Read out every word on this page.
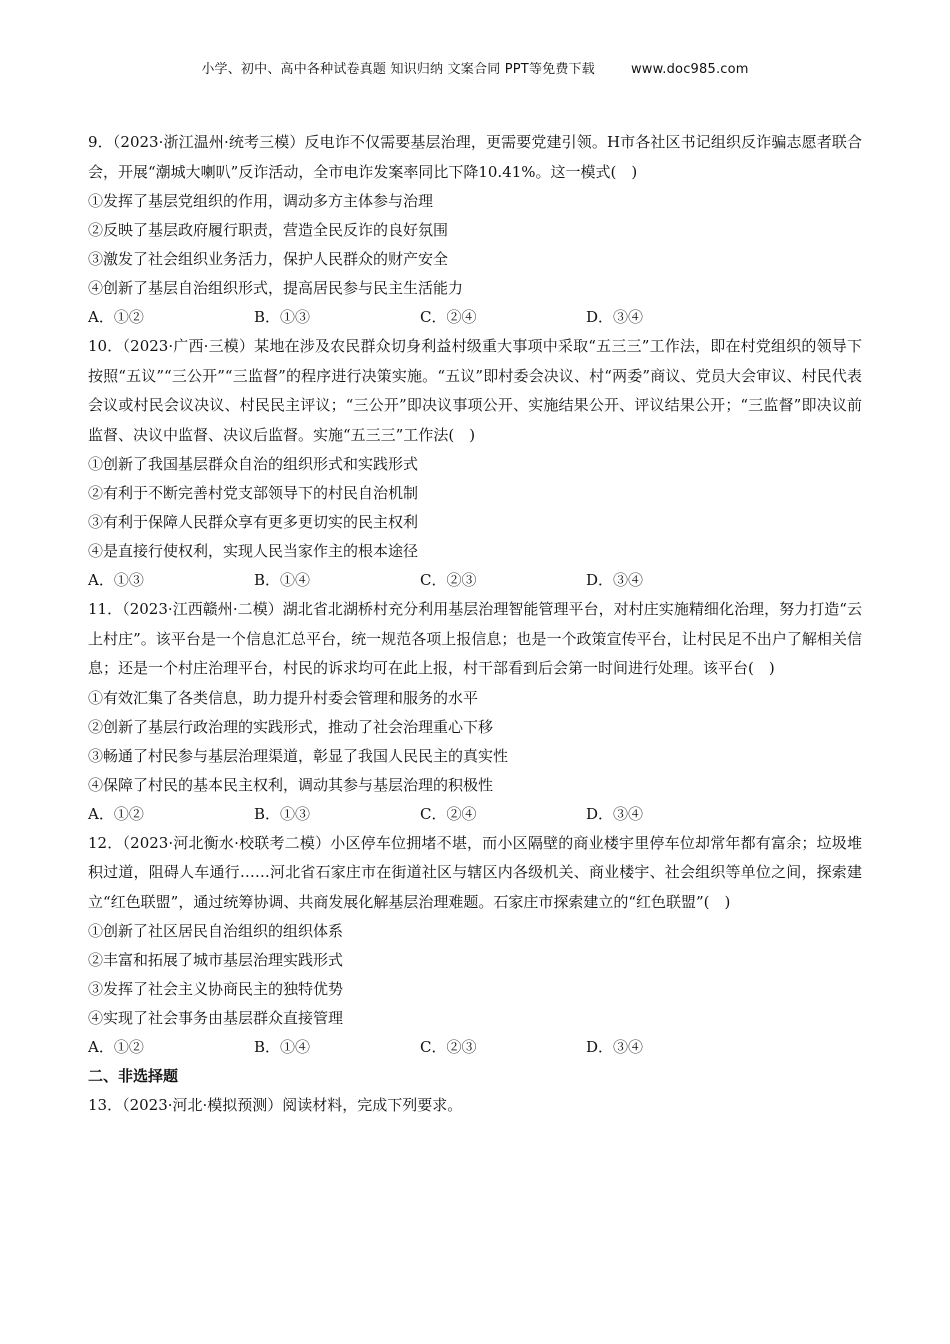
小学、初中、高中各种试卷真题 知识归纳 文案合同 PPT等免费下载	www.doc985.com

9．（2023·浙江温州·统考三模）反电诈不仅需要基层治理，更需要党建引领。H市各社区书记组织反诈骗志愿者联合会，开展“潮城大喇叭”反诈活动，全市电诈发案率同比下降10.41%。这一模式(　)

①发挥了基层党组织的作用，调动多方主体参与治理

②反映了基层政府履行职责，营造全民反诈的良好氛围

③激发了社会组织业务活力，保护人民群众的财产安全

④创新了基层自治组织形式，提高居民参与民主生活能力

A．①②	B．①③	C．②④	D．③④

10．（2023·广西·三模）某地在涉及农民群众切身利益村级重大事项中采取“五三三”工作法，即在村党组织的领导下按照“五议”“三公开”“三监督”的程序进行决策实施。“五议”即村委会决议、村“两委”商议、党员大会审议、村民代表会议或村民会议决议、村民民主评议；“三公开”即决议事项公开、实施结果公开、评议结果公开；“三监督”即决议前监督、决议中监督、决议后监督。实施“五三三”工作法(　)

①创新了我国基层群众自治的组织形式和实践形式

②有利于不断完善村党支部领导下的村民自治机制

③有利于保障人民群众享有更多更切实的民主权利

④是直接行使权利，实现人民当家作主的根本途径

A．①③	B．①④	C．②③	D．③④

11．（2023·江西赣州·二模）湖北省北湖桥村充分利用基层治理智能管理平台，对村庄实施精细化治理，努力打造“云上村庄”。该平台是一个信息汇总平台，统一规范各项上报信息；也是一个政策宣传平台，让村民足不出户了解相关信息；还是一个村庄治理平台，村民的诉求均可在此上报，村干部看到后会第一时间进行处理。该平台(　)

①有效汇集了各类信息，助力提升村委会管理和服务的水平

②创新了基层行政治理的实践形式，推动了社会治理重心下移

③畅通了村民参与基层治理渠道，彰显了我国人民民主的真实性

④保障了村民的基本民主权利，调动其参与基层治理的积极性

A．①②	B．①③	C．②④	D．③④

12．（2023·河北衡水·校联考二模）小区停车位拥堵不堪，而小区隔壁的商业楼宇里停车位却常年都有富余；垃圾堆积过道，阻碍人车通行……河北省石家庄市在街道社区与辖区内各级机关、商业楼宇、社会组织等单位之间，探索建立“红色联盟”，通过统筹协调、共商发展化解基层治理难题。石家庄市探索建立的“红色联盟”(　)

①创新了社区居民自治组织的组织体系

②丰富和拓展了城市基层治理实践形式

③发挥了社会主义协商民主的独特优势

④实现了社会事务由基层群众直接管理

A．①②	B．①④	C．②③	D．③④

二、非选择题

13．（2023·河北·模拟预测）阅读材料，完成下列要求。
